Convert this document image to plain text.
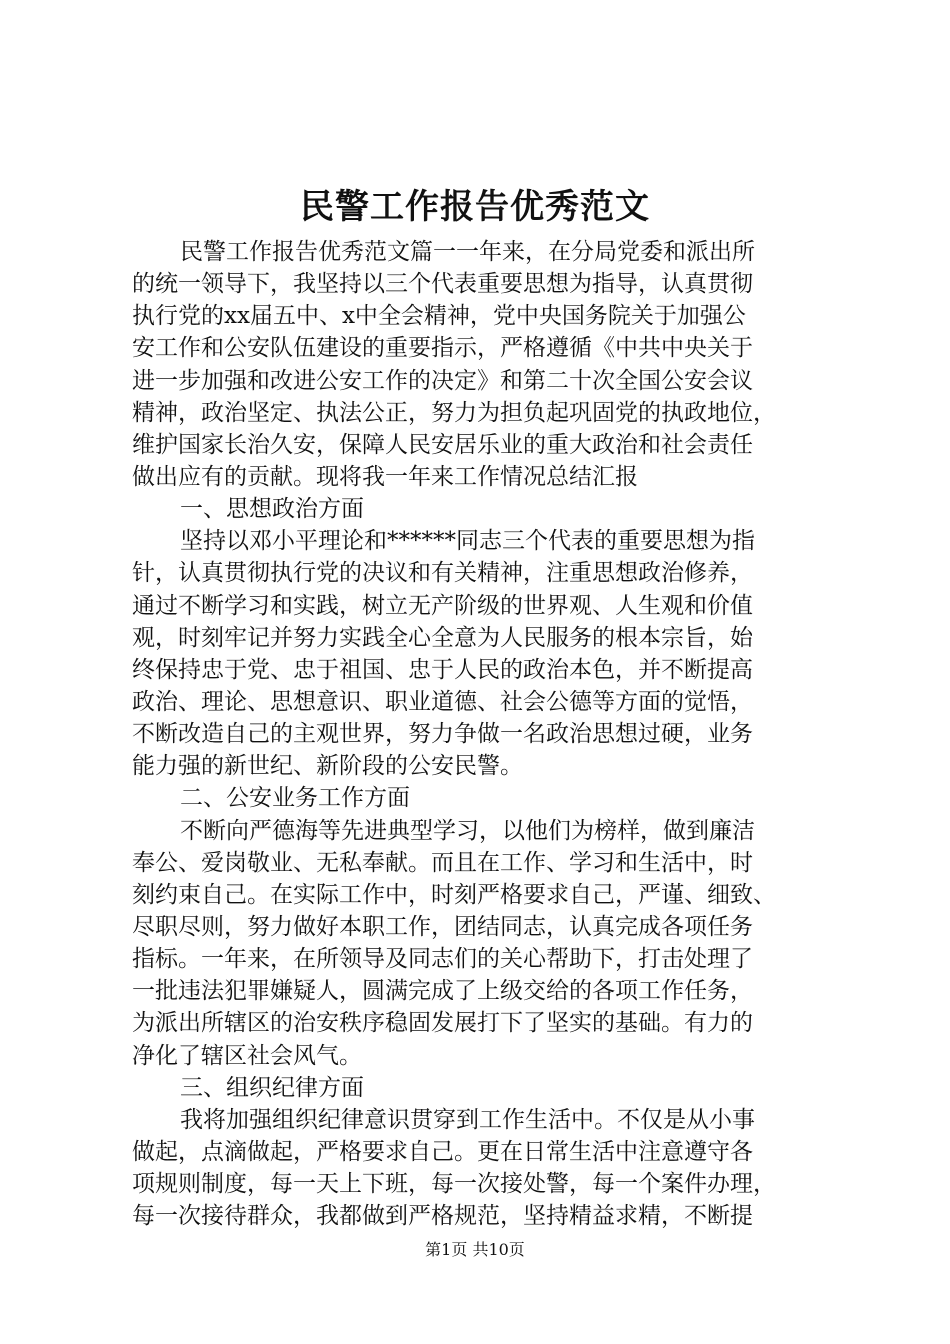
民警工作报告优秀范文
民警工作报告优秀范文篇一一年来，在分局党委和派出所
的统一领导下，我坚持以三个代表重要思想为指导，认真贯彻
执行党的xx届五中、x中全会精神，党中央国务院关于加强公
安工作和公安队伍建设的重要指示，严格遵循《中共中央关于
进一步加强和改进公安工作的决定》和第二十次全国公安会议
精神，政治坚定、执法公正，努力为担负起巩固党的执政地位，
维护国家长治久安，保障人民安居乐业的重大政治和社会责任
做出应有的贡献。现将我一年来工作情况总结汇报
一、思想政治方面
坚持以邓小平理论和******同志三个代表的重要思想为指
针，认真贯彻执行党的决议和有关精神，注重思想政治修养，
通过不断学习和实践，树立无产阶级的世界观、人生观和价值
观，时刻牢记并努力实践全心全意为人民服务的根本宗旨，始
终保持忠于党、忠于祖国、忠于人民的政治本色，并不断提高
政治、理论、思想意识、职业道德、社会公德等方面的觉悟，
不断改造自己的主观世界，努力争做一名政治思想过硬，业务
能力强的新世纪、新阶段的公安民警。
二、公安业务工作方面
不断向严德海等先进典型学习，以他们为榜样，做到廉洁
奉公、爱岗敬业、无私奉献。而且在工作、学习和生活中，时
刻约束自己。在实际工作中，时刻严格要求自己，严谨、细致、
尽职尽则，努力做好本职工作，团结同志，认真完成各项任务
指标。一年来，在所领导及同志们的关心帮助下，打击处理了
一批违法犯罪嫌疑人，圆满完成了上级交给的各项工作任务，
为派出所辖区的治安秩序稳固发展打下了坚实的基础。有力的
净化了辖区社会风气。
三、组织纪律方面
我将加强组织纪律意识贯穿到工作生活中。不仅是从小事
做起，点滴做起，严格要求自己。更在日常生活中注意遵守各
项规则制度，每一天上下班，每一次接处警，每一个案件办理，
每一次接待群众，我都做到严格规范，坚持精益求精，不断提
第1页 共10页
